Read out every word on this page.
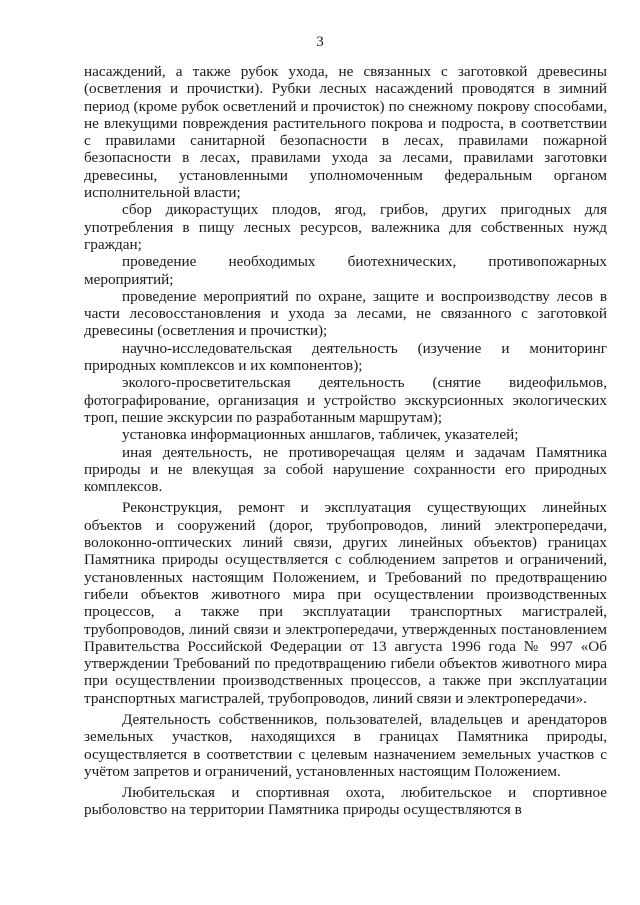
3

насаждений, а также рубок ухода, не связанных с заготовкой древесины (осветления и прочистки). Рубки лесных насаждений проводятся в зимний период (кроме рубок осветлений и прочисток) по снежному покрову способами, не влекущими повреждения растительного покрова и подроста, в соответствии с правилами санитарной безопасности в лесах, правилами пожарной безопасности в лесах, правилами ухода за лесами, правилами заготовки древесины, установленными уполномоченным федеральным органом исполнительной власти;

сбор дикорастущих плодов, ягод, грибов, других пригодных для употребления в пищу лесных ресурсов, валежника для собственных нужд граждан;

проведение необходимых биотехнических, противопожарных мероприятий;

проведение мероприятий по охране, защите и воспроизводству лесов в части лесовосстановления и ухода за лесами, не связанного с заготовкой древесины (осветления и прочистки);

научно-исследовательская деятельность (изучение и мониторинг природных комплексов и их компонентов);

эколого-просветительская деятельность (снятие видеофильмов, фотографирование, организация и устройство экскурсионных экологических троп, пешие экскурсии по разработанным маршрутам);

установка информационных аншлагов, табличек, указателей;

иная деятельность, не противоречащая целям и задачам Памятника природы и не влекущая за собой нарушение сохранности его природных комплексов.

Реконструкция, ремонт и эксплуатация существующих линейных объектов и сооружений (дорог, трубопроводов, линий электропередачи, волоконно-оптических линий связи, других линейных объектов) границах Памятника природы осуществляется с соблюдением запретов и ограничений, установленных настоящим Положением, и Требований по предотвращению гибели объектов животного мира при осуществлении производственных процессов, а также при эксплуатации транспортных магистралей, трубопроводов, линий связи и электропередачи, утвержденных постановлением Правительства Российской Федерации от 13 августа 1996 года № 997 «Об утверждении Требований по предотвращению гибели объектов животного мира при осуществлении производственных процессов, а также при эксплуатации транспортных магистралей, трубопроводов, линий связи и электропередачи».

Деятельность собственников, пользователей, владельцев и арендаторов земельных участков, находящихся в границах Памятника природы, осуществляется в соответствии с целевым назначением земельных участков с учётом запретов и ограничений, установленных настоящим Положением.

Любительская и спортивная охота, любительское и спортивное рыболовство на территории Памятника природы осуществляются в
